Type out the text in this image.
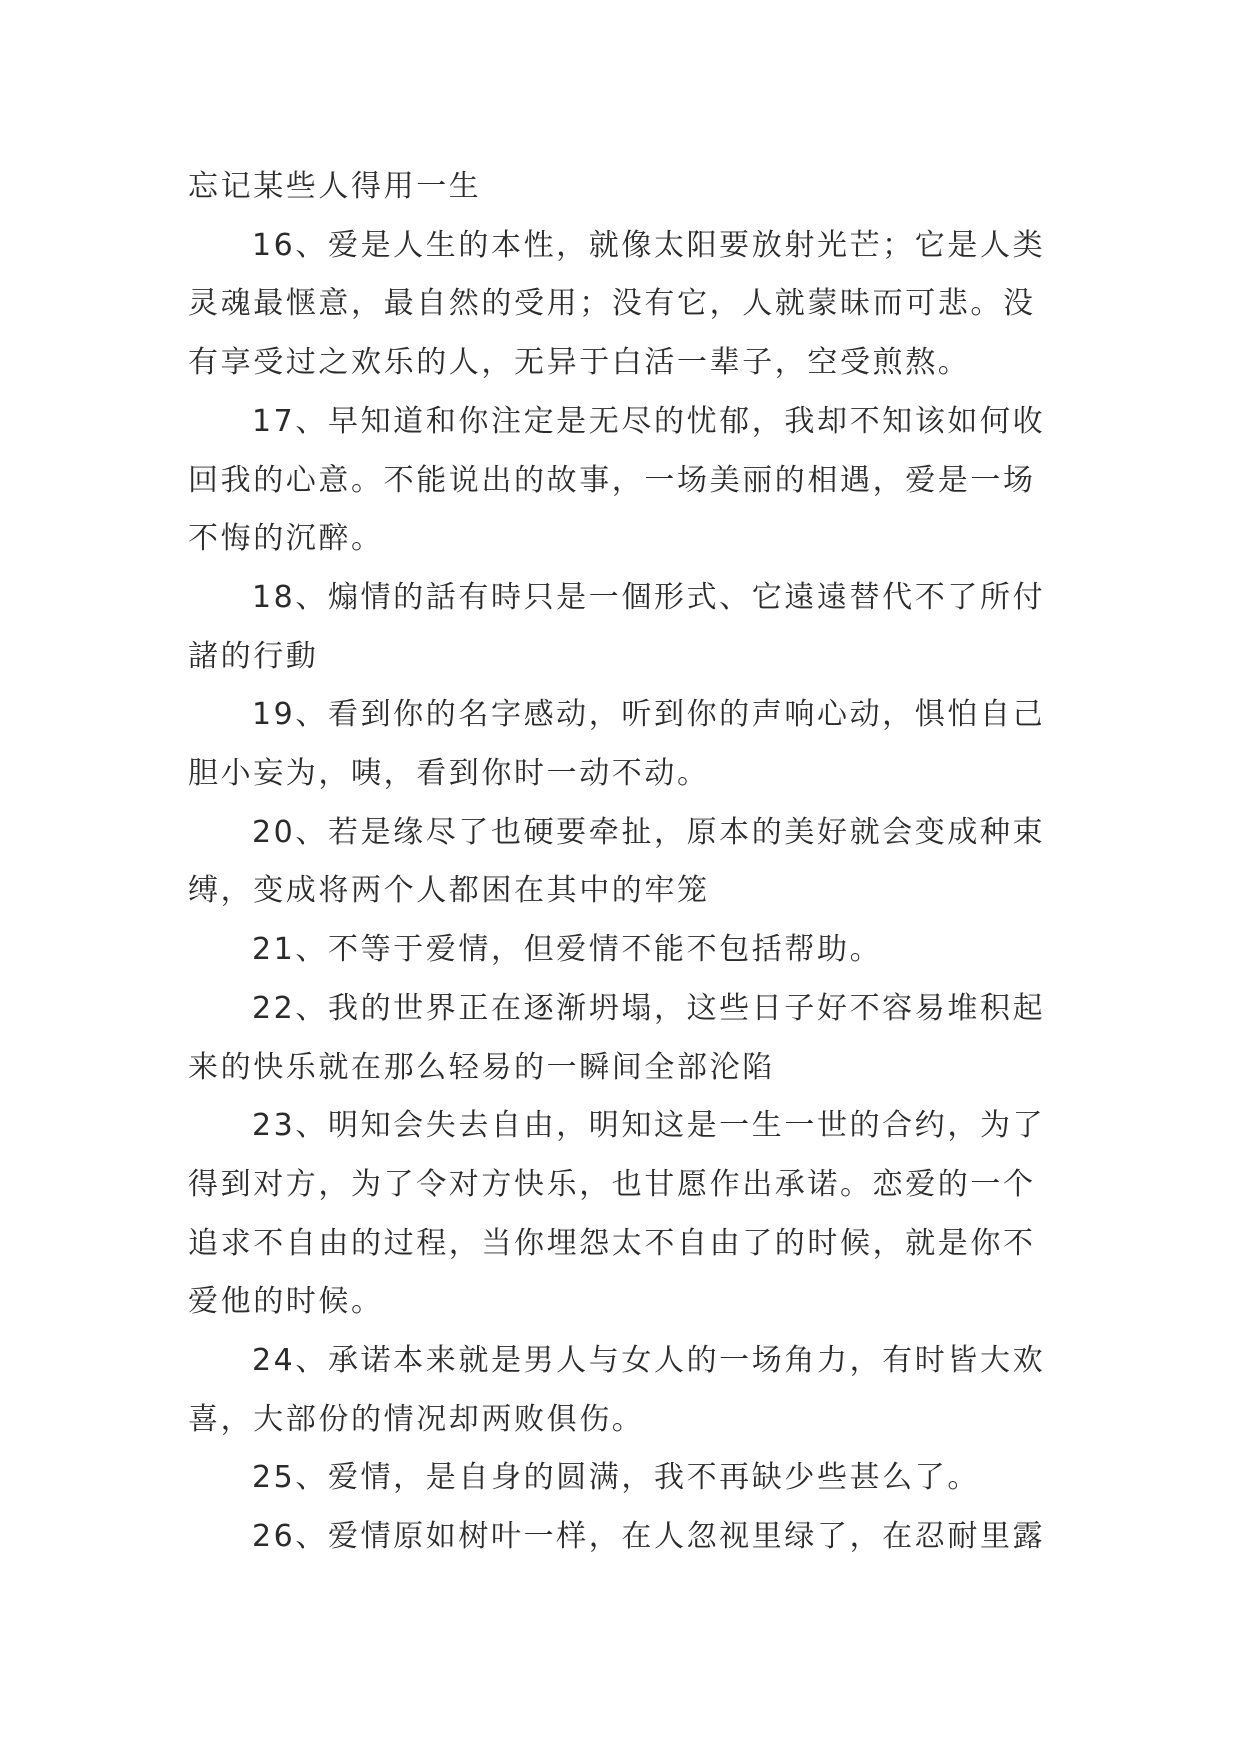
忘记某些人得用一生

16、爱是人生的本性，就像太阳要放射光芒；它是人类灵魂最惬意，最自然的受用；没有它，人就蒙昧而可悲。没有享受过之欢乐的人，无异于白活一辈子，空受煎熬。

17、早知道和你注定是无尽的忧郁，我却不知该如何收回我的心意。不能说出的故事，一场美丽的相遇，爱是一场不悔的沉醉。

18、煽情的話有時只是一個形式、它遠遠替代不了所付諸的行動

19、看到你的名字感动，听到你的声响心动，惧怕自己胆小妄为，咦，看到你时一动不动。

20、若是缘尽了也硬要牵扯，原本的美好就会变成种束缚，变成将两个人都困在其中的牢笼

21、不等于爱情，但爱情不能不包括帮助。

22、我的世界正在逐渐坍塌，这些日子好不容易堆积起来的快乐就在那么轻易的一瞬间全部沦陷

23、明知会失去自由，明知这是一生一世的合约，为了得到对方，为了令对方快乐，也甘愿作出承诺。恋爱的一个追求不自由的过程，当你埋怨太不自由了的时候，就是你不爱他的时候。

24、承诺本来就是男人与女人的一场角力，有时皆大欢喜，大部份的情况却两败俱伤。

25、爱情，是自身的圆满，我不再缺少些甚么了。

26、爱情原如树叶一样，在人忽视里绿了，在忍耐里露
